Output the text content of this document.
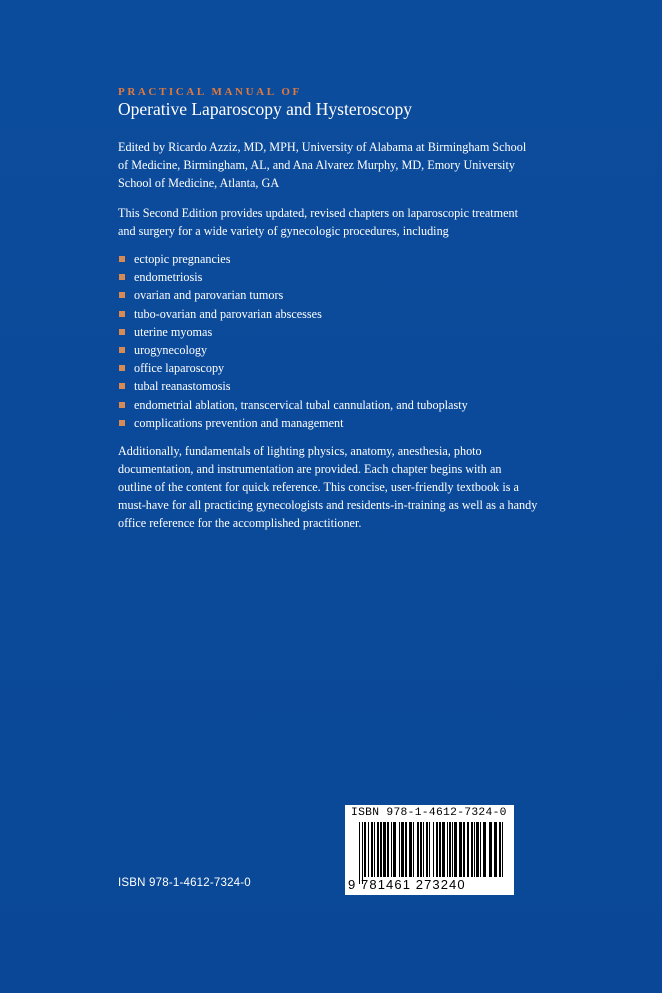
PRACTICAL MANUAL OF
Operative Laparoscopy and Hysteroscopy
Edited by Ricardo Azziz, MD, MPH, University of Alabama at Birmingham School of Medicine, Birmingham, AL, and Ana Alvarez Murphy, MD, Emory University School of Medicine, Atlanta, GA
This Second Edition provides updated, revised chapters on laparoscopic treatment and surgery for a wide variety of gynecologic procedures, including
ectopic pregnancies
endometriosis
ovarian and parovarian tumors
tubo-ovarian and parovarian abscesses
uterine myomas
urogynecology
office laparoscopy
tubal reanastomosis
endometrial ablation, transcervical tubal cannulation, and tuboplasty
complications prevention and management
Additionally, fundamentals of lighting physics, anatomy, anesthesia, photo documentation, and instrumentation are provided. Each chapter begins with an outline of the content for quick reference. This concise, user-friendly textbook is a must-have for all practicing gynecologists and residents-in-training as well as a handy office reference for the accomplished practitioner.
ISBN 978-1-4612-7324-0
ISBN 978-1-4612-7324-0
9 781461 273240
